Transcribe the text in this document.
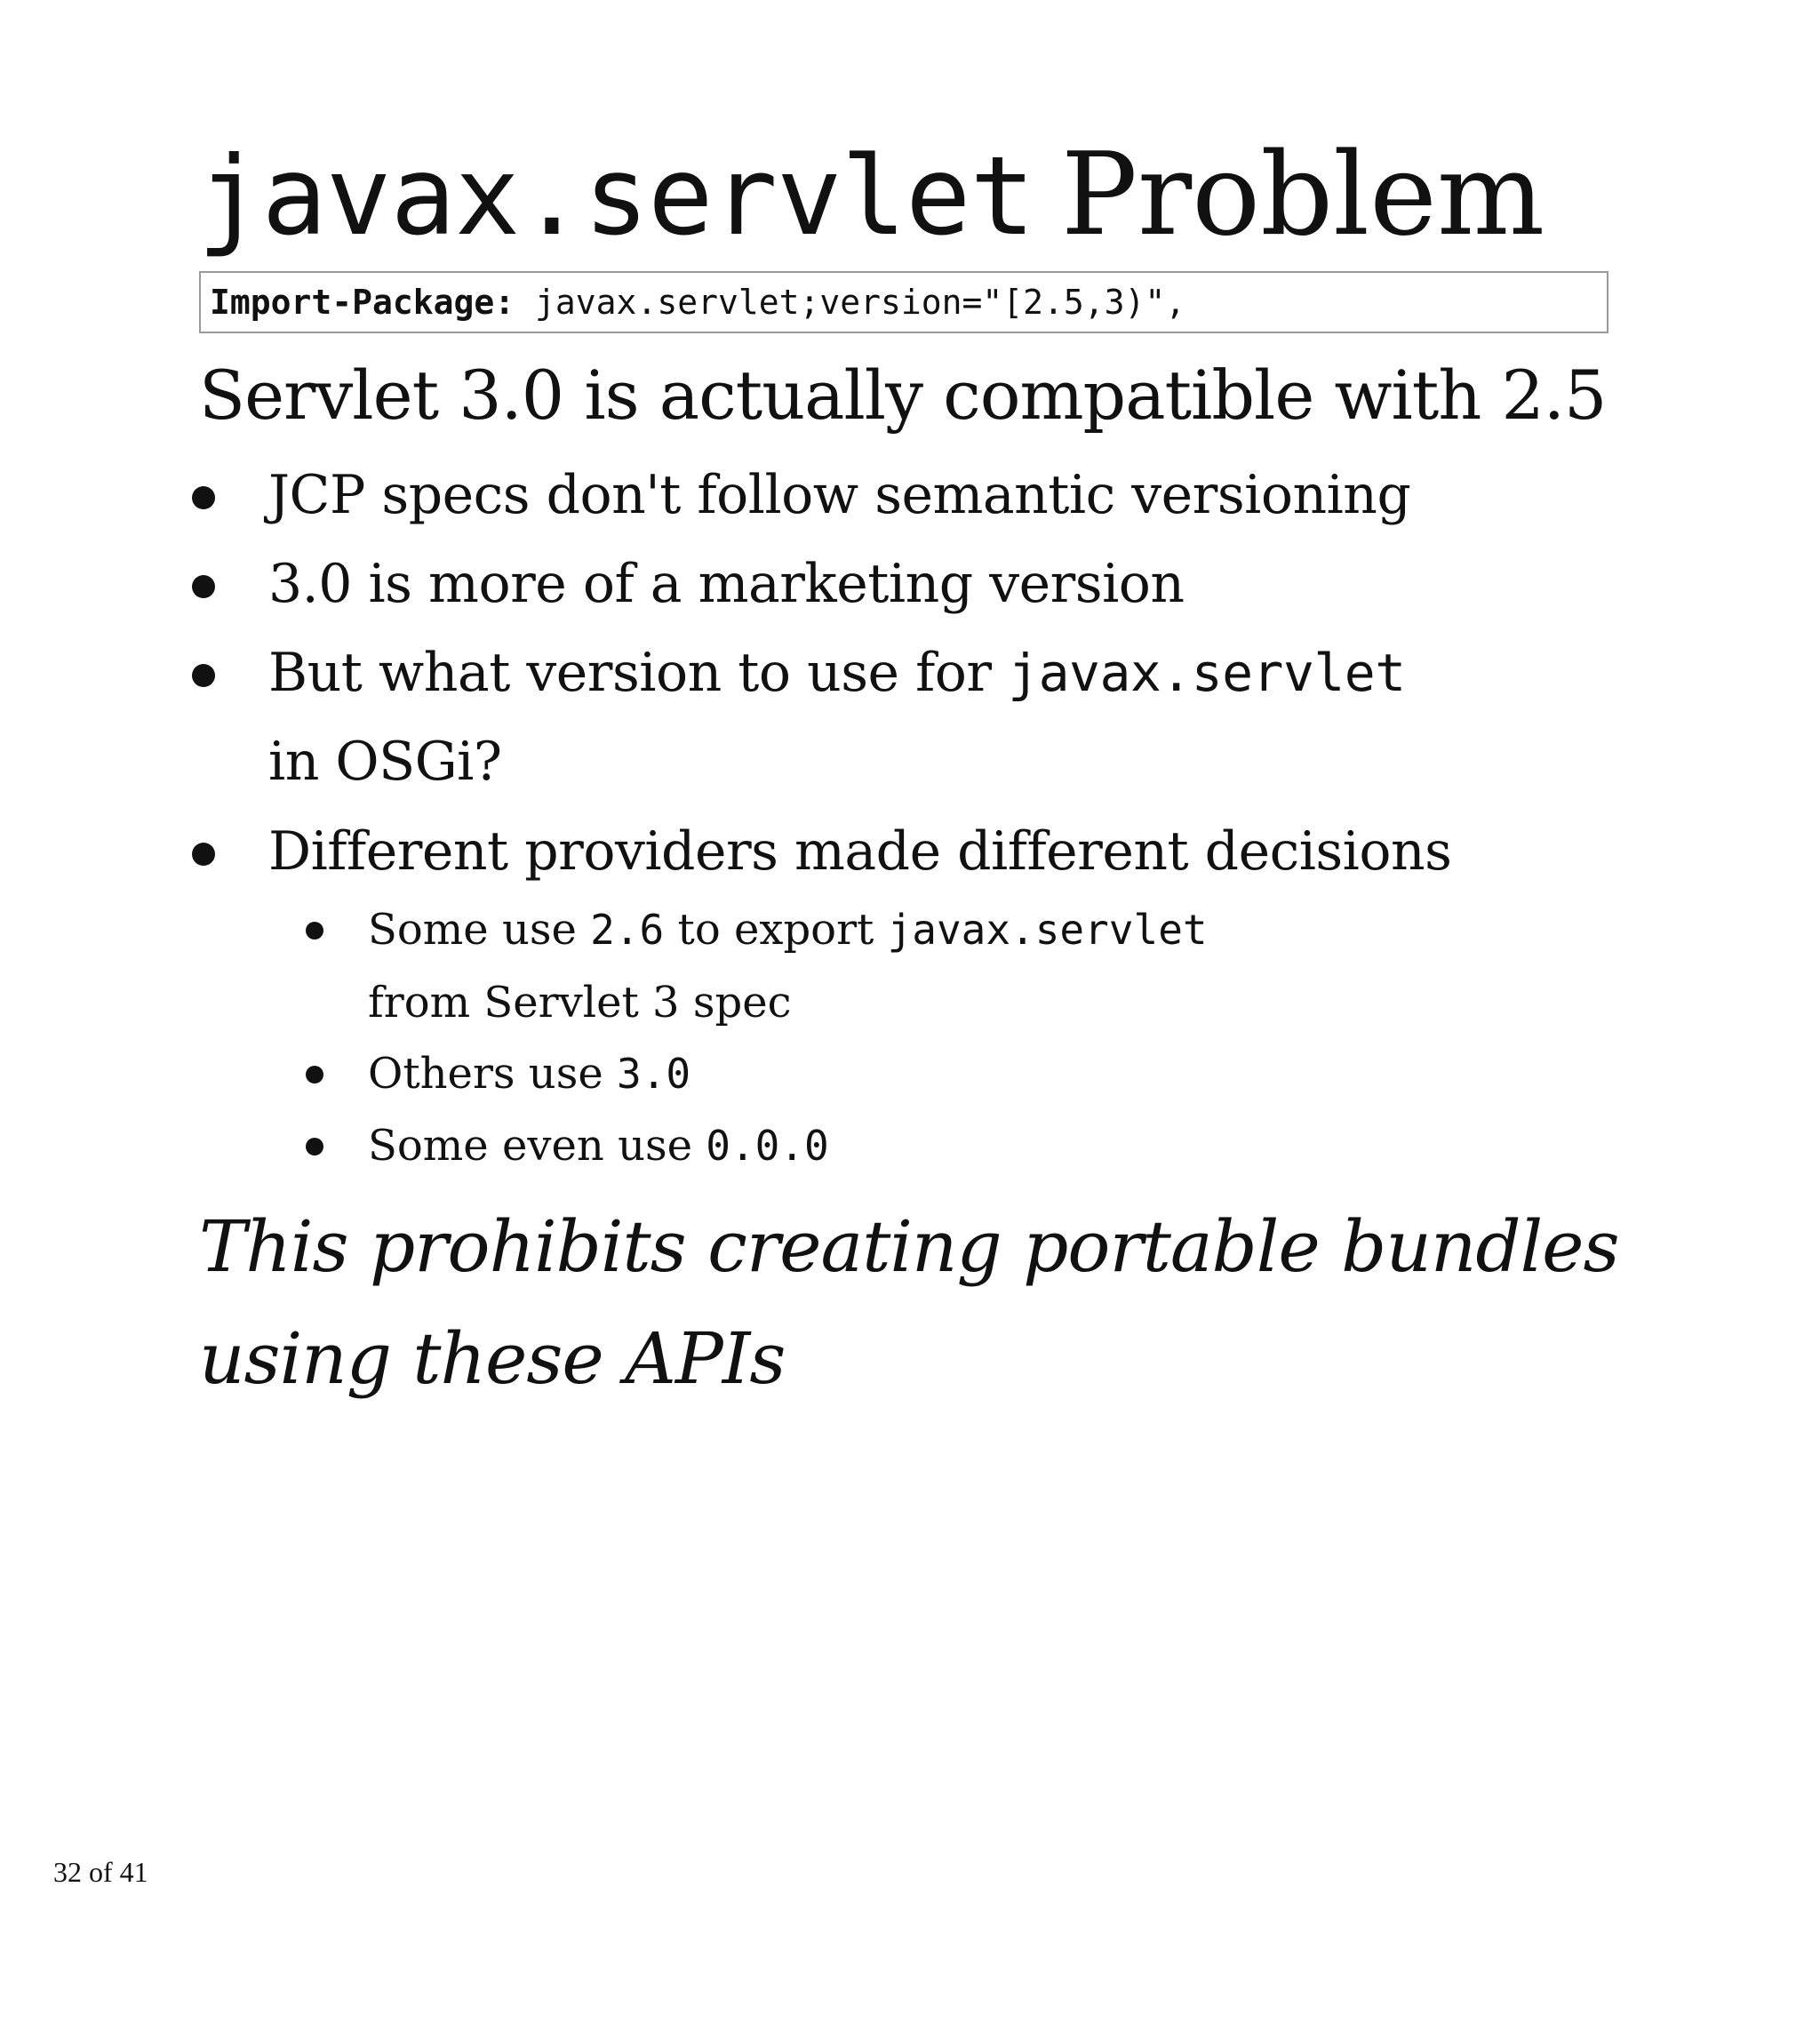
javax.servlet Problem
Import-Package: javax.servlet;version="[2.5,3)",
Servlet 3.0 is actually compatible with 2.5
JCP specs don't follow semantic versioning
3.0 is more of a marketing version
But what version to use for javax.servlet
in OSGi?
Different providers made different decisions
Some use 2.6 to export javax.servlet
from Servlet 3 spec
Others use 3.0
Some even use 0.0.0

This prohibits creating portable bundles
using these APIs

32 of 41
